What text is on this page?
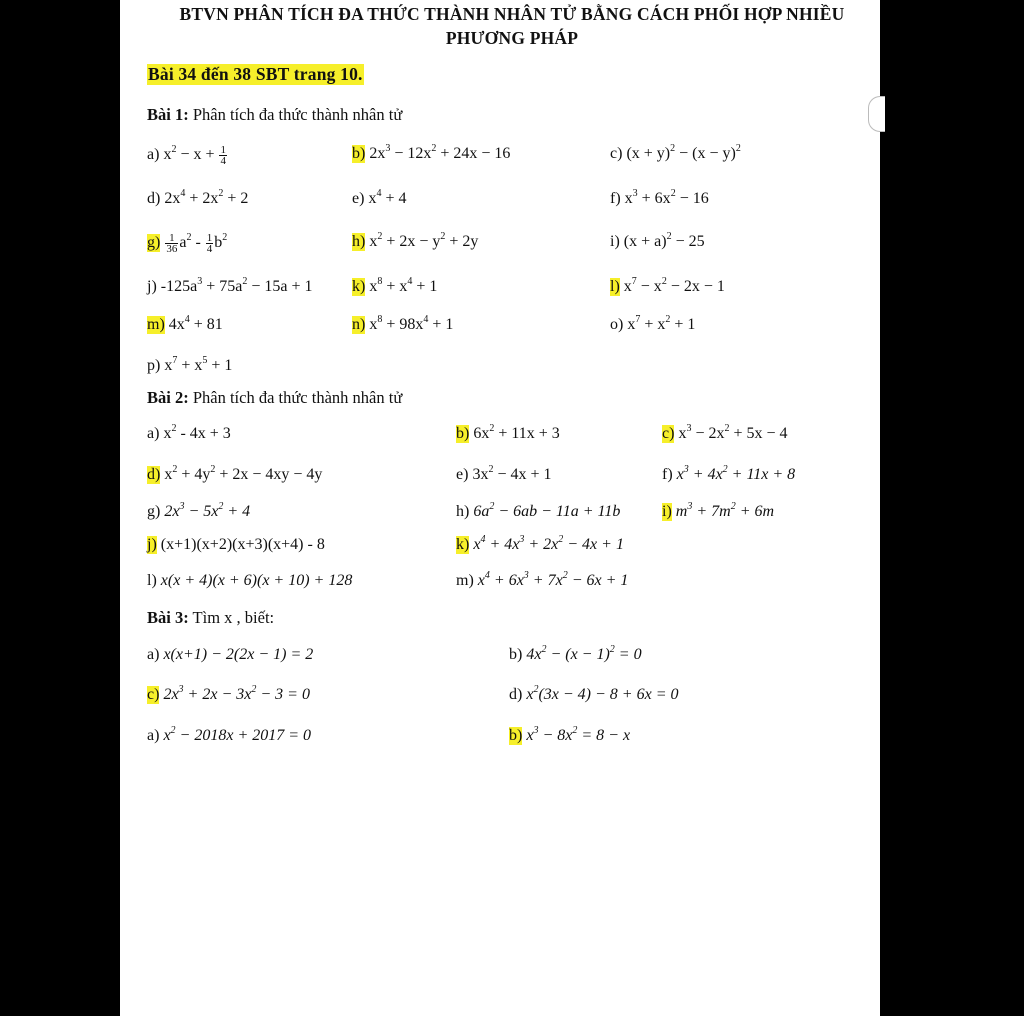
BTVN PHÂN TÍCH ĐA THỨC THÀNH NHÂN TỬ BẰNG CÁCH PHỐI HỢP NHIỀU
PHƯƠNG PHÁP
Bài 34 đến 38 SBT trang 10.
Bài 1: Phân tích đa thức thành nhân tử
Bài 2: Phân tích đa thức thành nhân tử
Bài 3: Tìm x , biết:
a) $x^2 - x + \frac{1}{4}$	b) $2x^3 - 12x^2 + 24x - 16$	c) $(x + y)^2 - (x - y)^2$
d) $2x^4 + 2x^2 + 2$	e) $x^4 + 4$	f) $x^3 + 6x^2 - 16$
$g) \frac{1}{36} a^2 - \frac{1}{4} b^2$	h) $x^2 + 2x - y^2 + 2y$	i) $(x + a)^2 - 25$
j) $-125a^3 + 75a^2 - 15a + 1$ k) $x^8 + x^4 + 1$	l) $x^7 - x^2 - 2x - 1$
m) $4x^4 + 81$	n) $x^8 + 98x^4 + 1$	o) $x^7 + x^2 + 1$
p) $x^7 + x^5 + 1$
a) $x^2 - 4x + 3$	b) $6x^2 + 11x + 3$	c) $x^3 - 2x^2 + 5x - 4$
d) $x^2 + 4y^2 + 2x - 4xy - 4y$	e) $3x^2 - 4x + 1$	f) $x^3 + 4x^2 + 11x + 8$
g) $2x^3 - 5x^2 + 4$	h) $6a^2 - 6ab - 11a + 11b$	i) $m^3 + 7m^2 + 6m$
j) (x+1)(x+2)(x+3)(x+4) - 8	k) $x^4 + 4x^3 + 2x^2 - 4x + 1$
l) x(x + 4)(x + 6)(x + 10) + 128	m) $x^4 + 6x^3 + 7x^2 - 6x + 1$
a) x(x+1) − 2(2x − 1) = 2	b) $4x^2 - (x - 1)^2 = 0$
c) $2x^3 + 2x - 3x^2 - 3 = 0$	d) $x^2(3x - 4) - 8 + 6x = 0$
a) $x^2 - 2018x + 2017 = 0$	b) $x^3 - 8x^2 = 8 - x$
